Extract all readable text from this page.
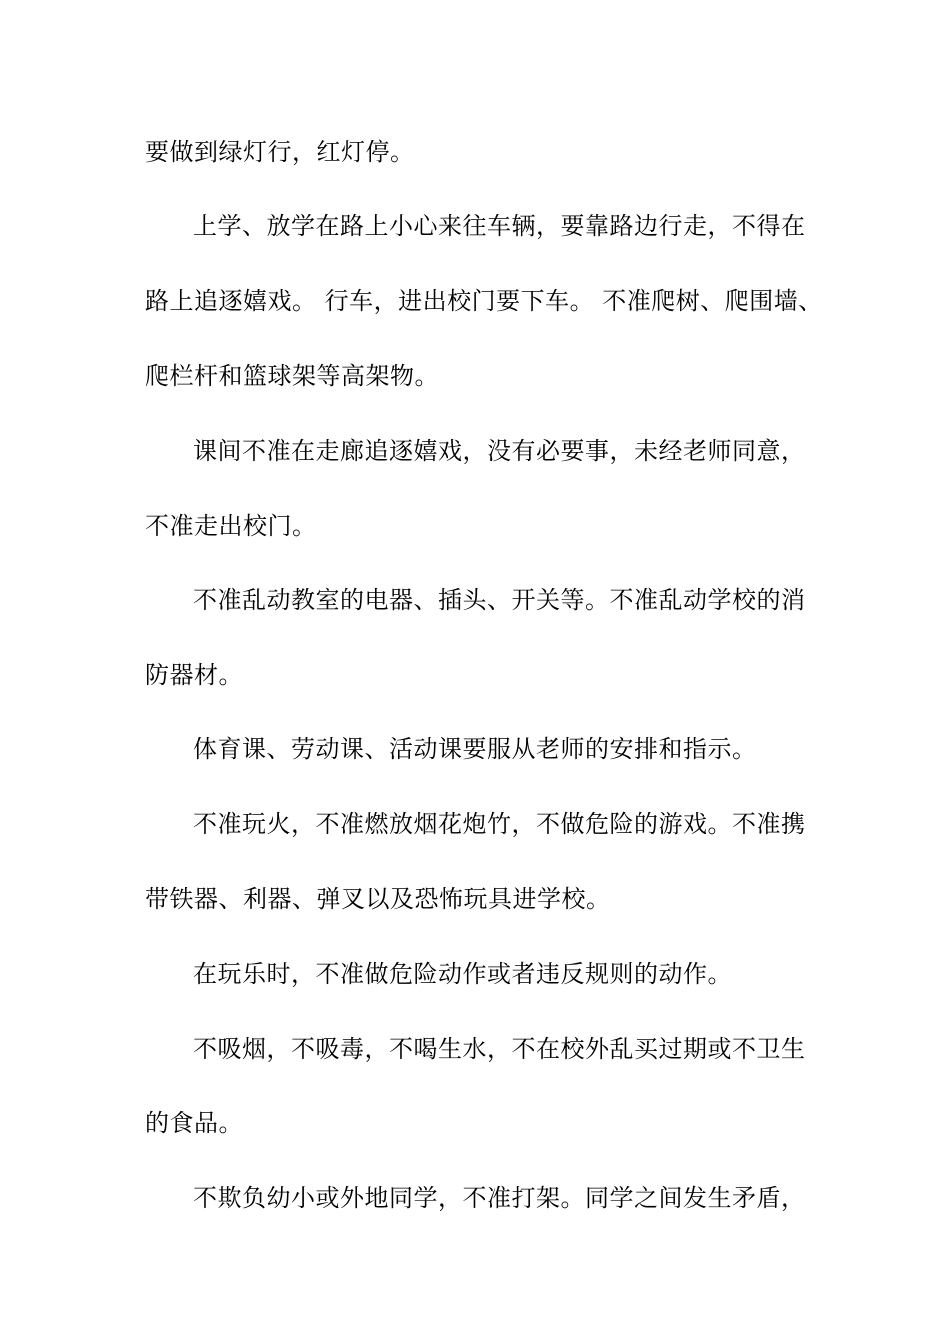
要做到绿灯行，红灯停。

上学、放学在路上小心来往车辆，要靠路边行走，不得在

路上追逐嬉戏。 行车，进出校门要下车。 不准爬树、爬围墙、

爬栏杆和篮球架等高架物。

课间不准在走廊追逐嬉戏，没有必要事，未经老师同意，

不准走出校门。

不准乱动教室的电器、插头、开关等。不准乱动学校的消

防器材。

体育课、劳动课、活动课要服从老师的安排和指示。

不准玩火，不准燃放烟花炮竹，不做危险的游戏。不准携

带铁器、利器、弹叉以及恐怖玩具进学校。

在玩乐时，不准做危险动作或者违反规则的动作。

不吸烟，不吸毒，不喝生水，不在校外乱买过期或不卫生

的食品。

不欺负幼小或外地同学，不准打架。同学之间发生矛盾，
